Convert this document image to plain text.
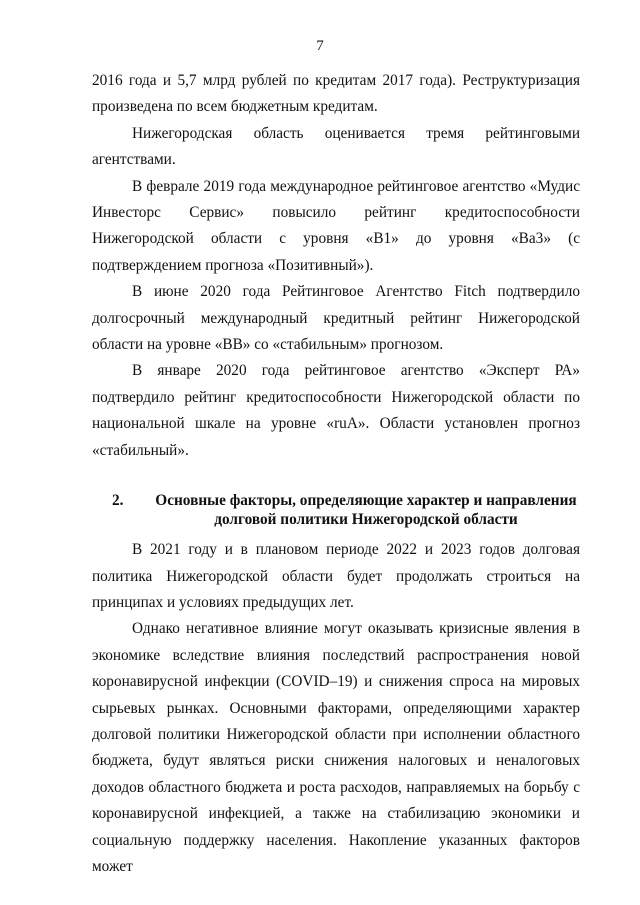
7

2016 года и 5,7 млрд рублей по кредитам 2017 года). Реструктуризация произведена по всем бюджетным кредитам.

Нижегородская область оценивается тремя рейтинговыми агентствами.

В феврале 2019 года международное рейтинговое агентство «Мудис Инвесторс Сервис» повысило рейтинг кредитоспособности Нижегородской области с уровня «B1» до уровня «Ba3» (с подтверждением прогноза «Позитивный»).

В июне 2020 года Рейтинговое Агентство Fitch подтвердило долгосрочный международный кредитный рейтинг Нижегородской области на уровне «BB» со «стабильным» прогнозом.

В январе 2020 года рейтинговое агентство «Эксперт РА» подтвердило рейтинг кредитоспособности Нижегородской области по национальной шкале на уровне «ruA». Области установлен прогноз «стабильный».

2.	Основные факторы, определяющие характер и направления долговой политики Нижегородской области

В 2021 году и в плановом периоде 2022 и 2023 годов долговая политика Нижегородской области будет продолжать строиться на принципах и условиях предыдущих лет.

Однако негативное влияние могут оказывать кризисные явления в экономике вследствие влияния последствий распространения новой коронавирусной инфекции (COVID–19) и снижения спроса на мировых сырьевых рынках. Основными факторами, определяющими характер долговой политики Нижегородской области при исполнении областного бюджета, будут являться риски снижения налоговых и неналоговых доходов областного бюджета и роста расходов, направляемых на борьбу с коронавирусной инфекцией, а также на стабилизацию экономики и социальную поддержку населения. Накопление указанных факторов может
